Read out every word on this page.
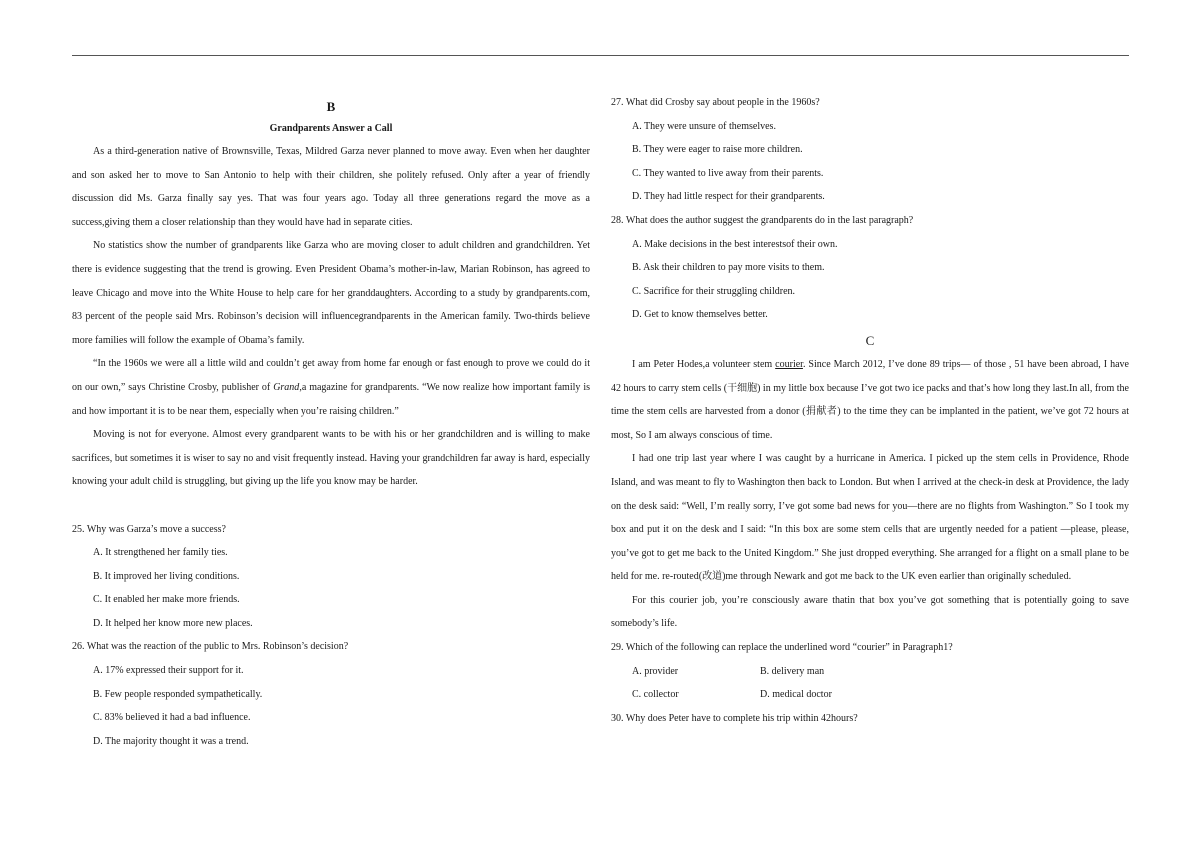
B
Grandparents Answer a Call

As a third-generation native of Brownsville, Texas, Mildred Garza never planned to move away. Even when her daughter and son asked her to move to San Antonio to help with their children, she politely refused. Only after a year of friendly discussion did Ms. Garza finally say yes. That was four years ago. Today all three generations regard the move as a success,giving them a closer relationship than they would have had in separate cities.

No statistics show the number of grandparents like Garza who are moving closer to adult children and grandchildren. Yet there is evidence suggesting that the trend is growing. Even President Obama’s mother-in-law, Marian Robinson, has agreed to leave Chicago and move into the White House to help care for her granddaughters. According to a study by grandparents.com, 83 percent of the people said Mrs. Robinson’s decision will influencegrandparents in the American family. Two-thirds believe more families will follow the example of Obama’s family.

“In the 1960s we were all a little wild and couldn’t get away from home far enough or fast enough to prove we could do it on our own,” says Christine Crosby, publisher of Grand,a magazine for grandparents. “We now realize how important family is and how important it is to be near them, especially when you’re raising children.”

Moving is not for everyone. Almost every grandparent wants to be with his or her grandchildren and is willing to make sacrifices, but sometimes it is wiser to say no and visit frequently instead. Having your grandchildren far away is hard, especially knowing your adult child is struggling, but giving up the life you know may be harder.

25. Why was Garza’s move a success?

A. It strengthened her family ties.

B. It improved her living conditions.

C. It enabled her make more friends.

D. It helped her know more new places.

26. What was the reaction of the public to Mrs. Robinson’s decision?

A. 17% expressed their support for it.

B. Few people responded sympathetically.

C. 83% believed it had a bad influence.

D. The majority thought it was a trend.

27. What did Crosby say about people in the 1960s?

A. They were unsure of themselves.

B. They were eager to raise more children.

C. They wanted to live away from their parents.

D. They had little respect for their grandparents.

28. What does the author suggest the grandparents do in the last paragraph?

A. Make decisions in the best interestsof their own.

B. Ask their children to pay more visits to them.

C. Sacrifice for their struggling children.

D. Get to know themselves better.

C

I am Peter Hodes,a volunteer stem courier. Since March 2012, I’ve done 89 trips— of those , 51 have been abroad, I have 42 hours to carry stem cells (干细胞) in my little box because I’ve got two ice packs and that’s how long they last.In all, from the time the stem cells are harvested from a donor (捐献者) to the time they can be implanted in the patient, we’ve got 72 hours at most, So I am always conscious of time.

I had one trip last year where I was caught by a hurricane in America. I picked up the stem cells in Providence, Rhode Island, and was meant to fly to Washington then back to London. But when I arrived at the check-in desk at Providence, the lady on the desk said: “Well, I’m really sorry, I’ve got some bad news for you—there are no flights from Washington.” So I took my box and put it on the desk and I said: “In this box are some stem cells that are urgently needed for a patient —please, please, you’ve got to get me back to the United Kingdom.” She just dropped everything. She arranged for a flight on a small plane to be held for me. re-routed(改道)me through Newark and got me back to the UK even earlier than originally scheduled.

For this courier job, you’re consciously aware thatin that box you’ve got something that is potentially going to save somebody’s life.

29. Which of the following can replace the underlined word “courier” in Paragraph1?

A. provider	B. delivery man
C. collector	D. medical doctor

30. Why does Peter have to complete his trip within 42hours?
